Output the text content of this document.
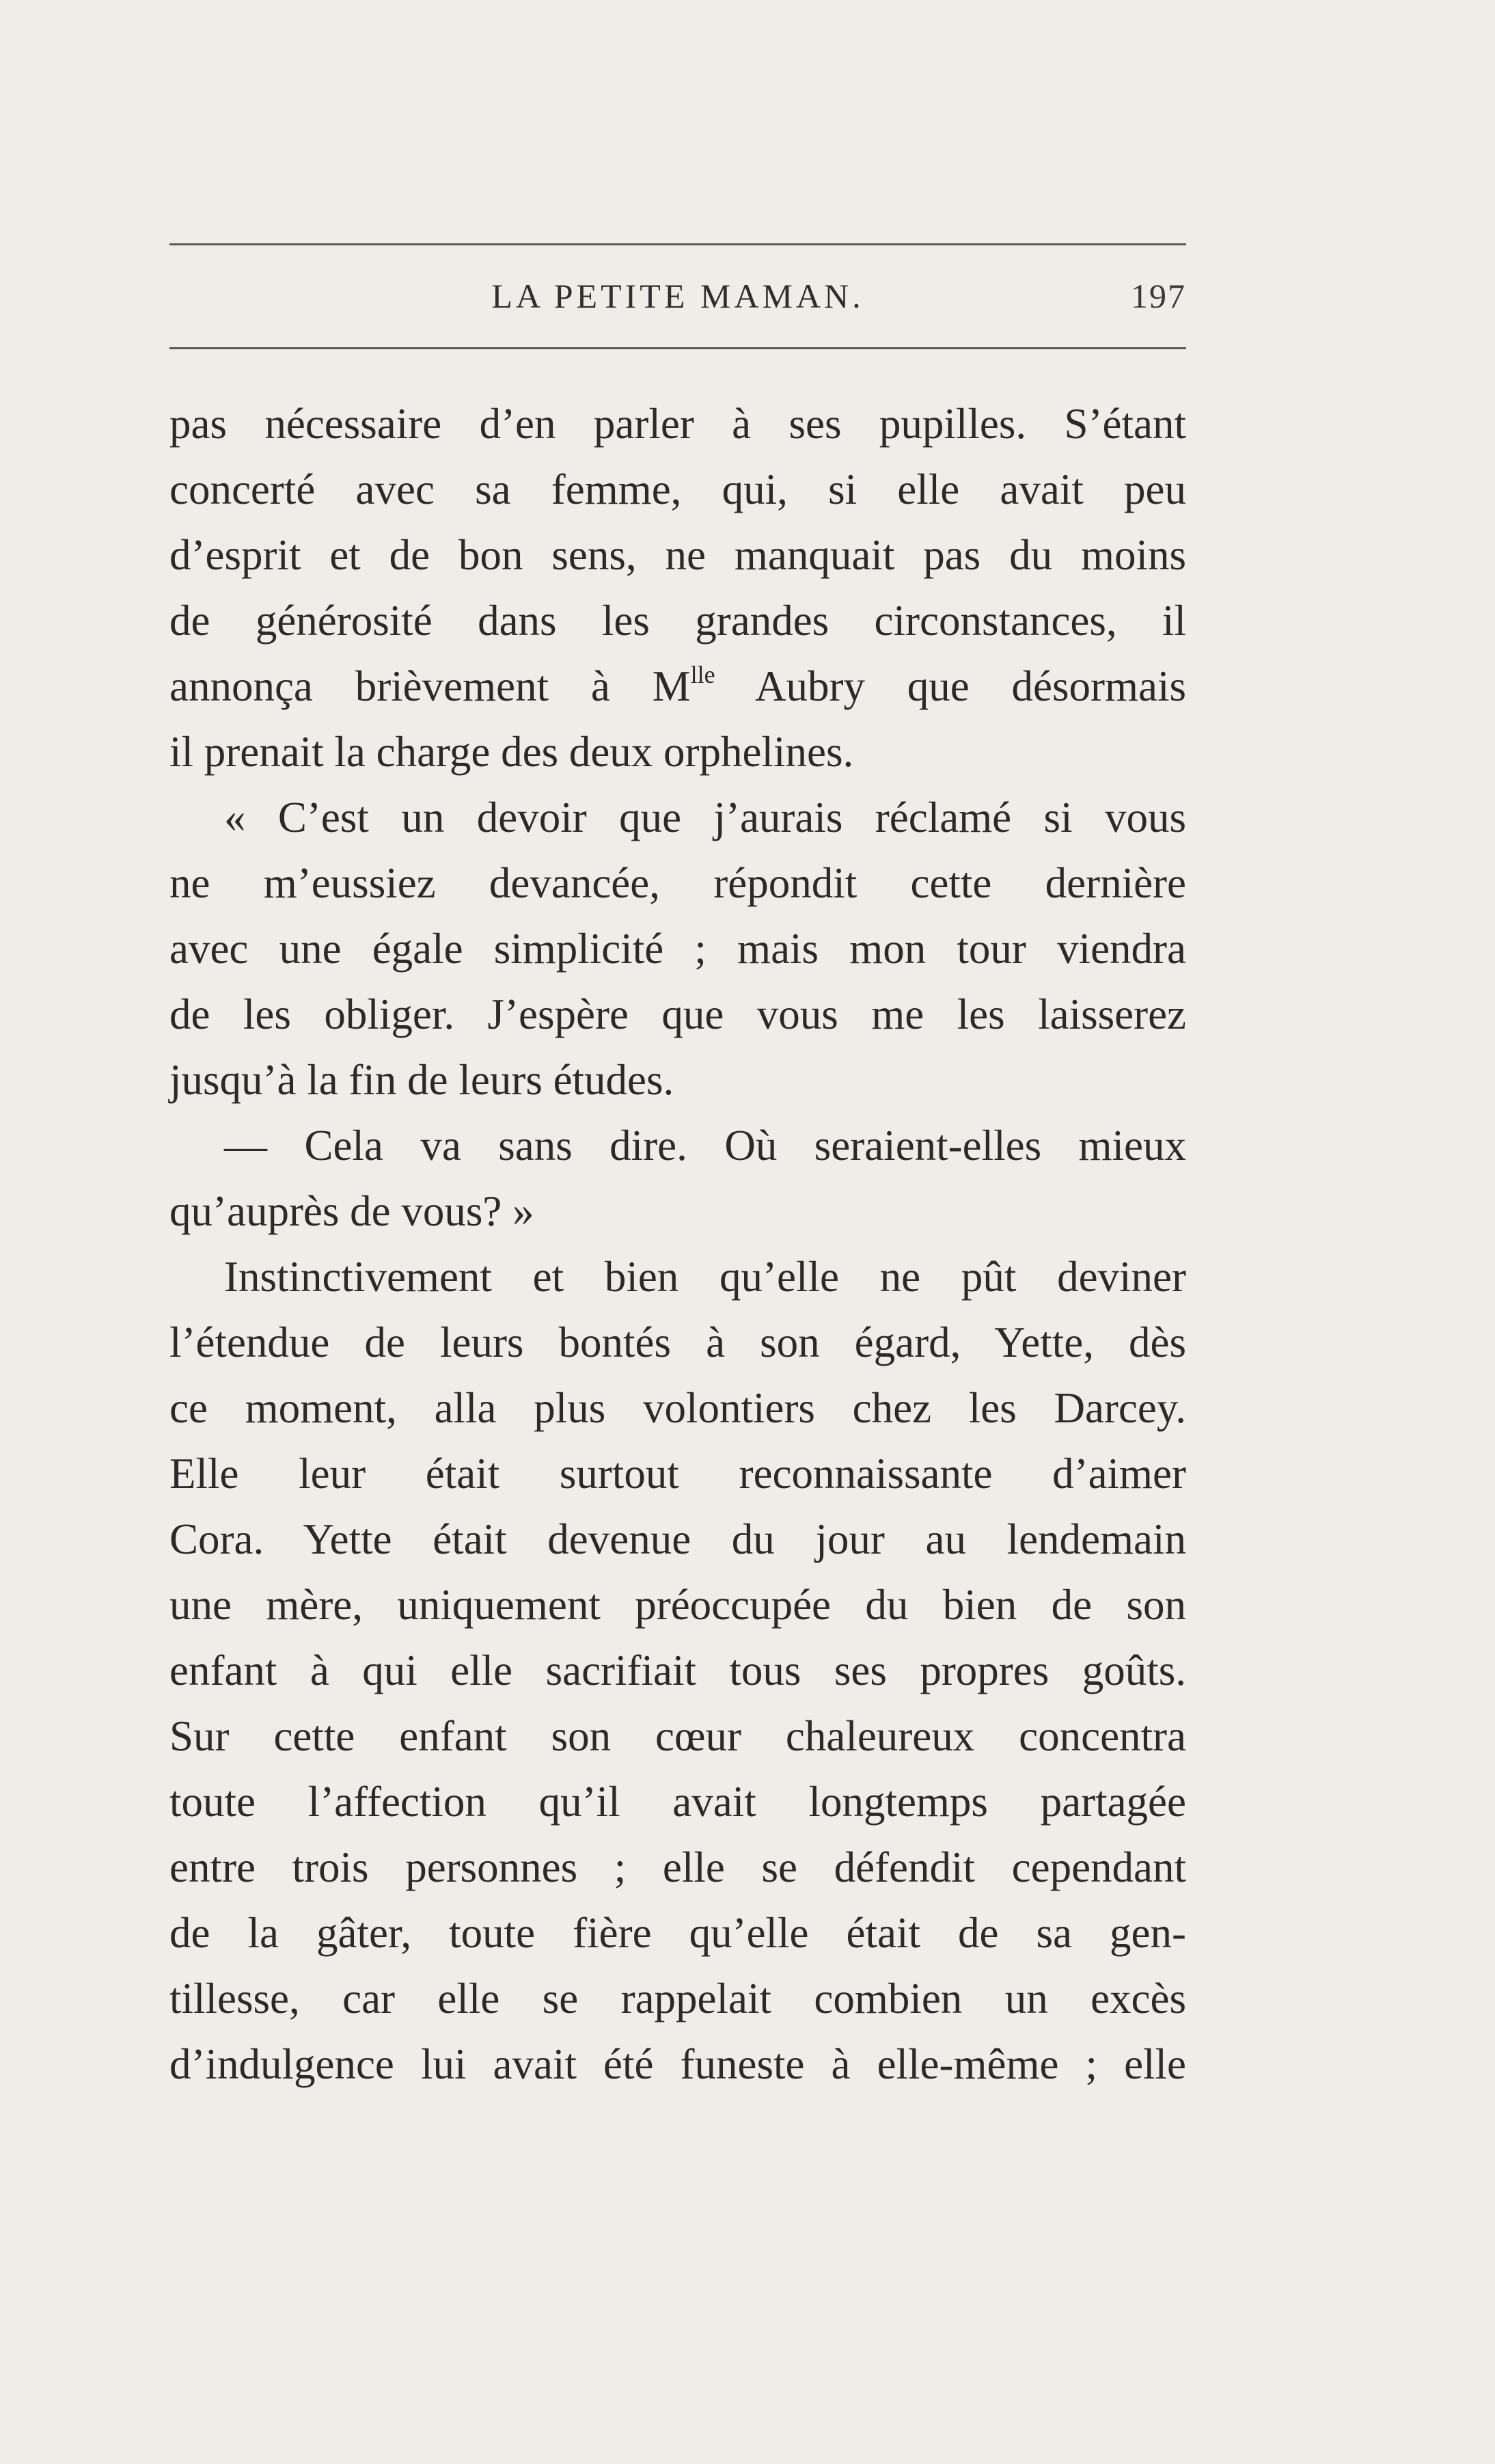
LA PETITE MAMAN.	197
pas nécessaire d’en parler à ses pupilles. S’étant
concerté avec sa femme, qui, si elle avait peu
d’esprit et de bon sens, ne manquait pas du moins
de générosité dans les grandes circonstances, il
annonça brièvement à $M^{lle}$ Aubry que désormais
il prenait la charge des deux orphelines.
« C’est un devoir que j’aurais réclamé si vous
ne m’eussiez devancée, répondit cette dernière
avec une égale simplicité ; mais mon tour viendra
de les obliger. J’espère que vous me les laisserez
jusqu’à la fin de leurs études.
— Cela va sans dire. Où seraient-elles mieux
qu’auprès de vous? »
Instinctivement et bien qu’elle ne pût deviner
l’étendue de leurs bontés à son égard, Yette, dès
ce moment, alla plus volontiers chez les Darcey.
Elle leur était surtout reconnaissante d’aimer
Cora. Yette était devenue du jour au lendemain
une mère, uniquement préoccupée du bien de son
enfant à qui elle sacrifiait tous ses propres goûts.
Sur cette enfant son cœur chaleureux concentra
toute l’affection qu’il avait longtemps partagée
entre trois personnes ; elle se défendit cependant
de la gâter, toute fière qu’elle était de sa gen-
tillesse, car elle se rappelait combien un excès
d’indulgence lui avait été funeste à elle-même ; elle
